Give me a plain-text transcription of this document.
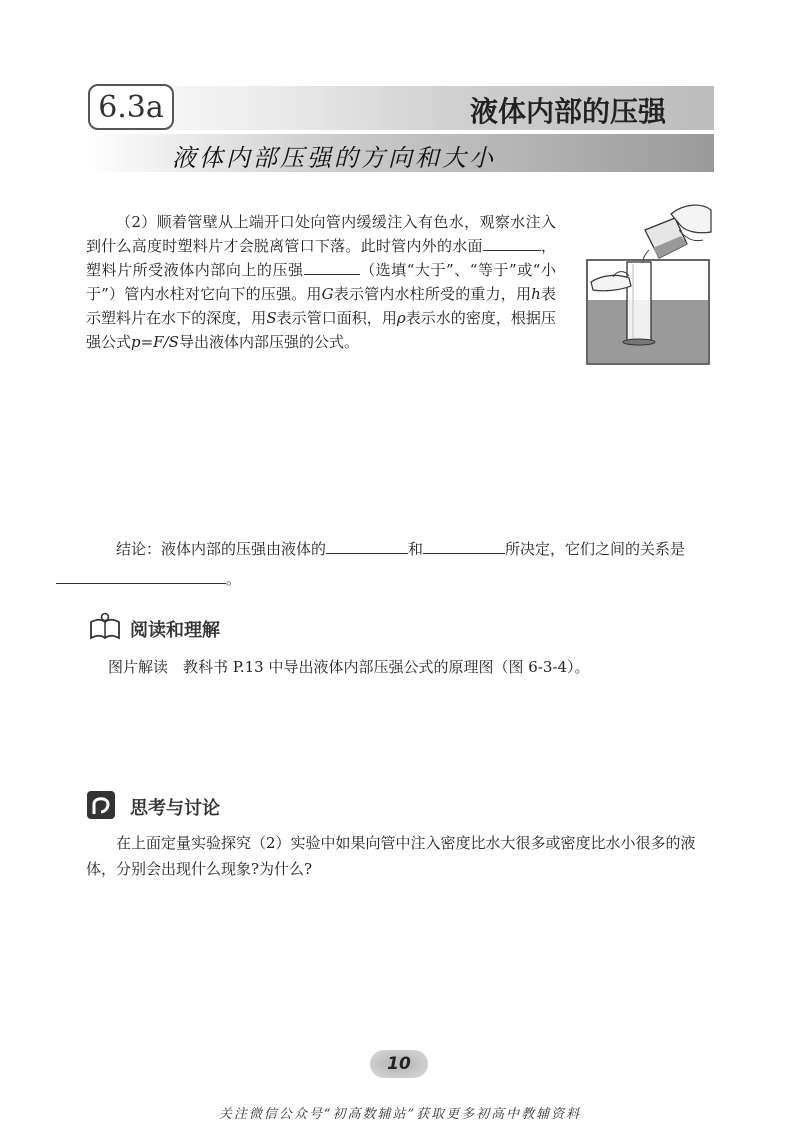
6.3a	液体内部的压强
液体内部压强的方向和大小
（2）顺着管壁从上端开口处向管内缓缓注入有色水，观察水注入到什么高度时塑料片才会脱离管口下落。此时管内外的水面	，塑料片所受液体内部向上的压强	（选填“大于”、“等于”或“小于”）管内水柱对它向下的压强。用G表示管内水柱所受的重力，用h表示塑料片在水下的深度，用S表示管口面积，用ρ表示水的密度，根据压强公式p=F/S导出液体内部压强的公式。
结论：液体内部的压强由液体的	和	所决定，它们之间的关系是
。
阅读和理解
图片解读　教科书 P.13 中导出液体内部压强公式的原理图（图 6-3-4）。
思考与讨论
在上面定量实验探究（2）实验中如果向管中注入密度比水大很多或密度比水小很多的液体，分别会出现什么现象?为什么?
10
关注微信公众号“初高数辅站”获取更多初高中教辅资料
